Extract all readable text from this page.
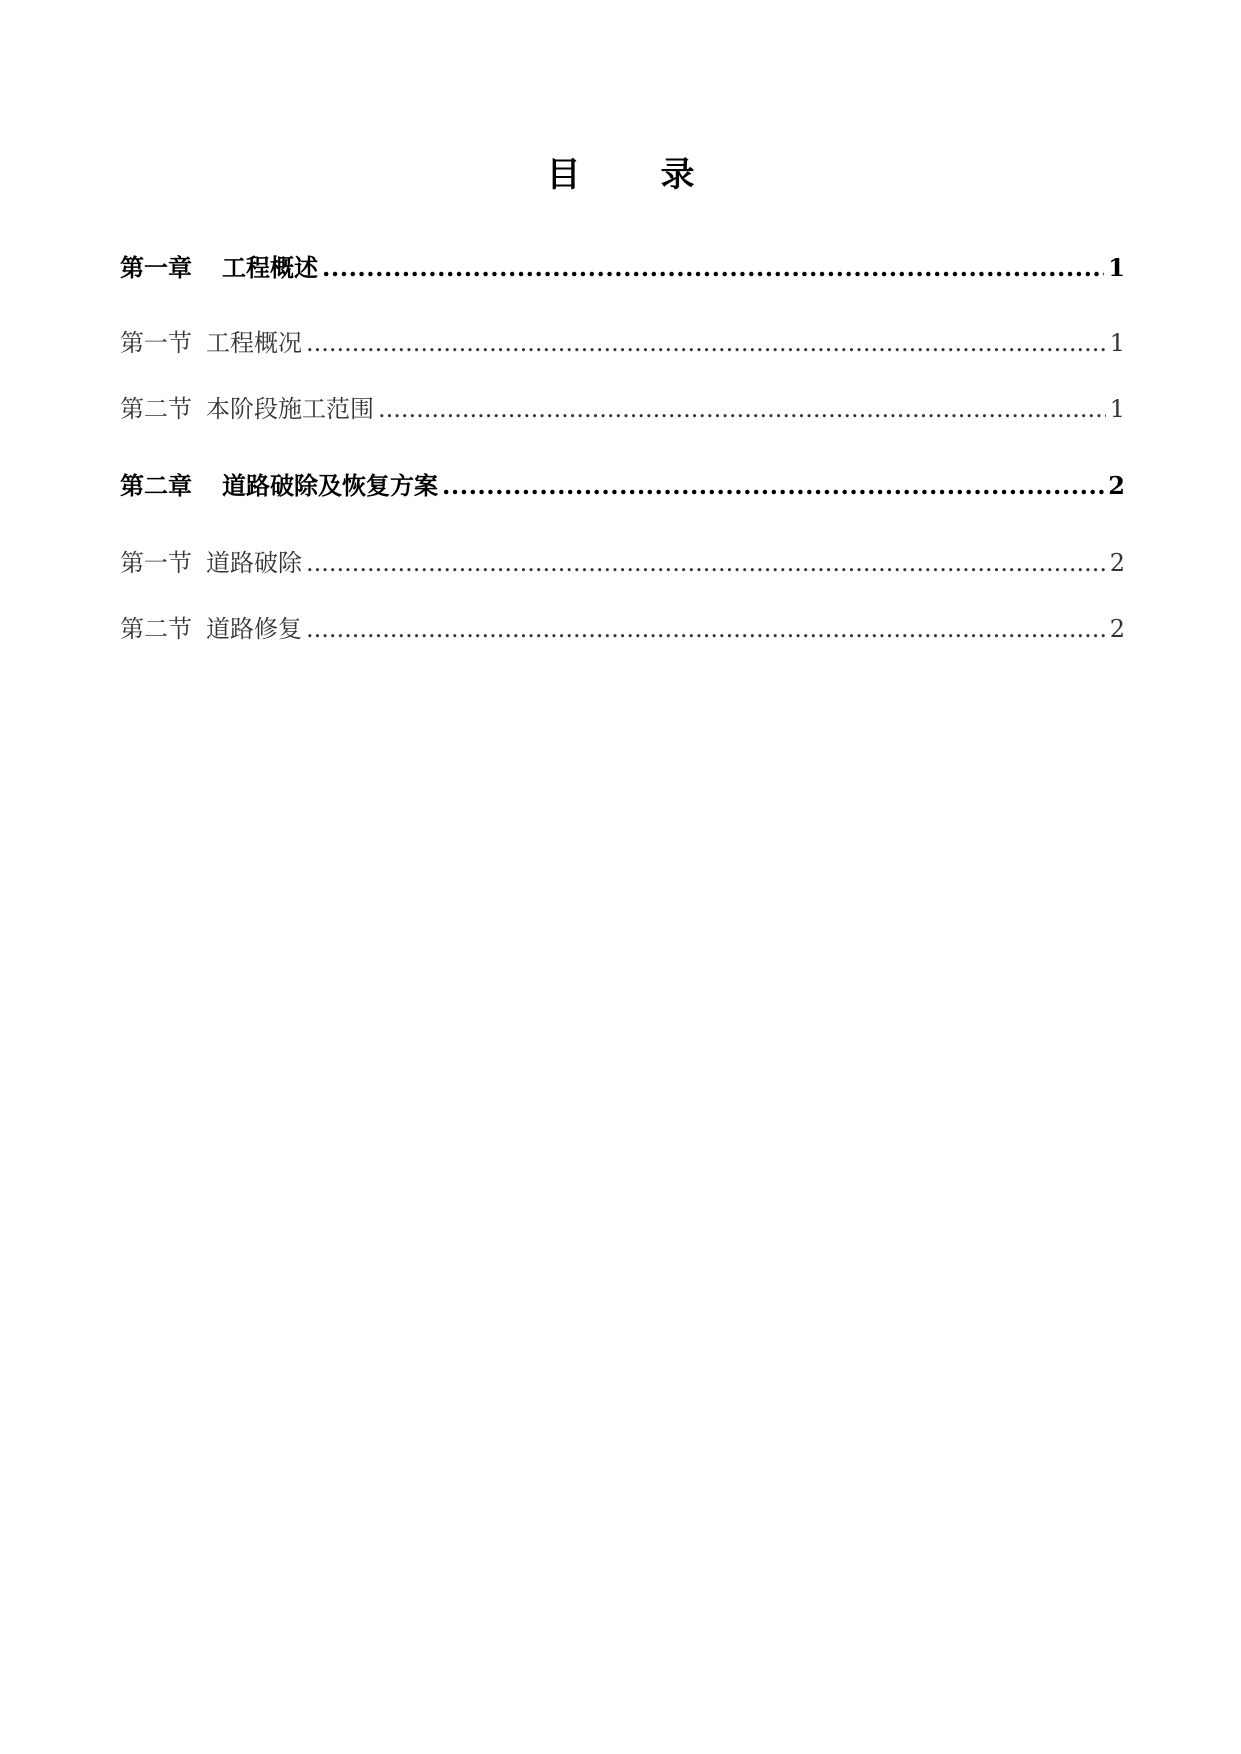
目 录
第一章 工程概述 .....	1
第一节 工程概况 .....	1
第二节 本阶段施工范围 .....	1
第二章 道路破除及恢复方案 .....	2
第一节 道路破除 .....	2
第二节 道路修复 .....	2
